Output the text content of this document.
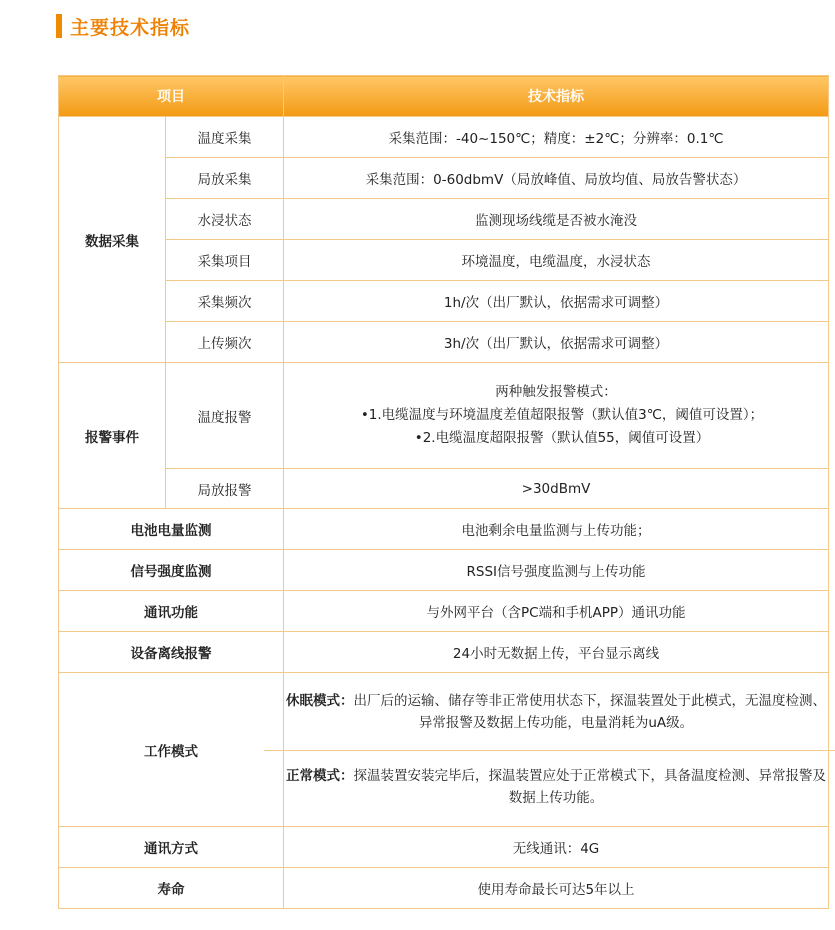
主要技术指标
项目		技术指标
数据采集	温度采集	采集范围：-40~150℃；精度：±2℃；分辨率：0.1℃
	局放采集	采集范围：0-60dbmV（局放峰值、局放均值、局放告警状态）
	水浸状态	监测现场线缆是否被水淹没
	采集项目	环境温度，电缆温度，水浸状态
	采集频次	1h/次（出厂默认，依据需求可调整）
	上传频次	3h/次（出厂默认，依据需求可调整）
报警事件	温度报警	两种触发报警模式：
•1.电缆温度与环境温度差值超限报警（默认值3℃，阈值可设置）；
•2.电缆温度超限报警（默认值55，阈值可设置）

	局放报警	>30dBmV
电池电量监测		电池剩余电量监测与上传功能；
信号强度监测		RSSI信号强度监测与上传功能
通讯功能		与外网平台（含PC端和手机APP）通讯功能
设备离线报警		24小时无数据上传，平台显示离线
工作模式		休眠模式：出厂后的运输、储存等非正常使用状态下，探温装置处于此模式，无温度检测、异常报警及数据上传功能，电量消耗为uA级。
正常模式：探温装置安装完毕后，探温装置应处于正常模式下，具备温度检测、异常报警及数据上传功能。

通讯方式		无线通讯：4G
寿命		使用寿命最长可达5年以上
